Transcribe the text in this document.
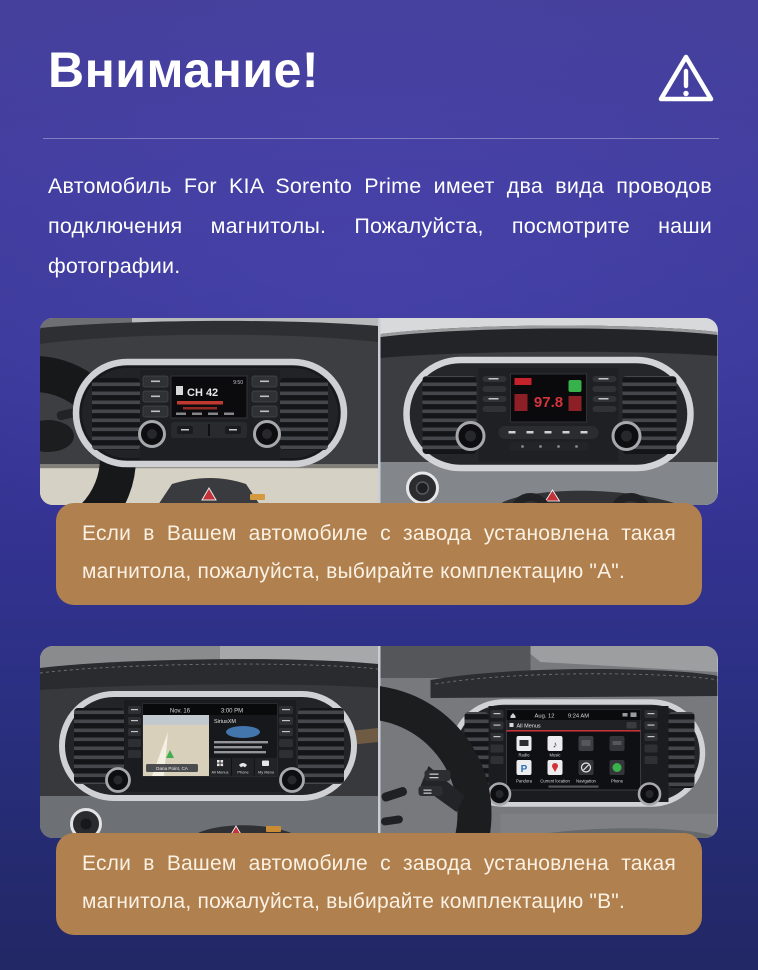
Внимание!

Автомобиль For KIA Sorento Prime имеет два вида проводов подключения магнитолы. Пожалуйста, посмотрите наши фотографии.

CH 42
9:50
97.8
Если в Вашем автомобиле с завода установлена такая магнитола, пожалуйста, выбирайте комплектацию "А".
Nov. 16	3:00 PM
Dana Point, CA
SiriusXM
All Menus Phone My Menu
Aug. 12 9:24 AM
All Menus
♪
Radio	Music
P
Pandora Current location Navigation	Phone
Если в Вашем автомобиле с завода установлена такая магнитола, пожалуйста, выбирайте комплектацию "В".
